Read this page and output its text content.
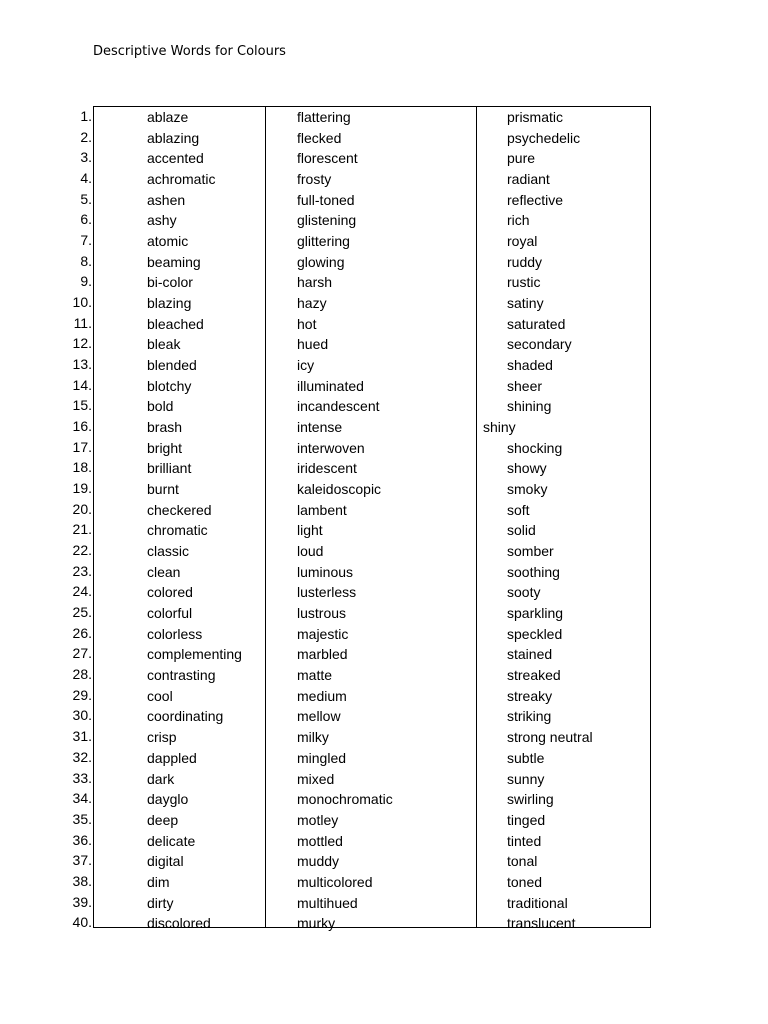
Descriptive Words for Colours
1.
2.
3.
4.
5.
6.
7.
8.
9.
10.
11.
12.
13.
14.
15.
16.
17.
18.
19.
20.
21.
22.
23.
24.
25.
26.
27.
28.
29.
30.
31.
32.
33.
34.
35.
36.
37.
38.
39.
40.
ablaze
ablazing
accented
achromatic
ashen
ashy
atomic
beaming
bi-color
blazing
bleached
bleak
blended
blotchy
bold
brash
bright
brilliant
burnt
checkered
chromatic
classic
clean
colored
colorful
colorless
complementing
contrasting
cool
coordinating
crisp
dappled
dark
dayglo
deep
delicate
digital
dim
dirty
discolored
flattering
flecked
florescent
frosty
full-toned
glistening
glittering
glowing
harsh
hazy
hot
hued
icy
illuminated
incandescent
intense
interwoven
iridescent
kaleidoscopic
lambent
light
loud
luminous
lusterless
lustrous
majestic
marbled
matte
medium
mellow
milky
mingled
mixed
monochromatic
motley
mottled
muddy
multicolored
multihued
murky
prismatic
psychedelic
pure
radiant
reflective
rich
royal
ruddy
rustic
satiny
saturated
secondary
shaded
sheer
shining
shiny
shocking
showy
smoky
soft
solid
somber
soothing
sooty
sparkling
speckled
stained
streaked
streaky
striking
strong neutral
subtle
sunny
swirling
tinged
tinted
tonal
toned
traditional
translucent
